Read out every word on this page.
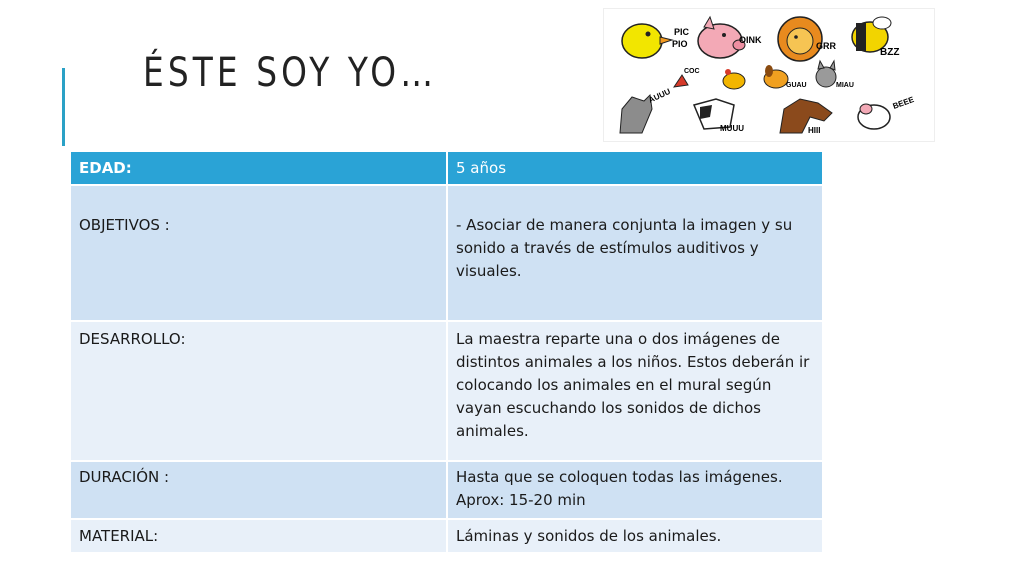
ÉSTE SOY YO…
PIC
PIO	OINK
GRR
BZZ
COC
GUAU	MIAU
AUUU
MUUU	HIII
BEEE
EDAD:	5 años
OBJETIVOS :	- Asociar de manera conjunta la imagen y su
sonido a través de estímulos auditivos y
visuales.

DESARROLLO:	La maestra reparte una o dos imágenes de
distintos animales a los niños. Estos deberán ir
colocando los animales en el mural según
vayan escuchando los sonidos de dichos
animales.

DURACIÓN :	Hasta que se coloquen todas las imágenes.
Aprox: 15-20 min

MATERIAL:	Láminas y sonidos de los animales.
